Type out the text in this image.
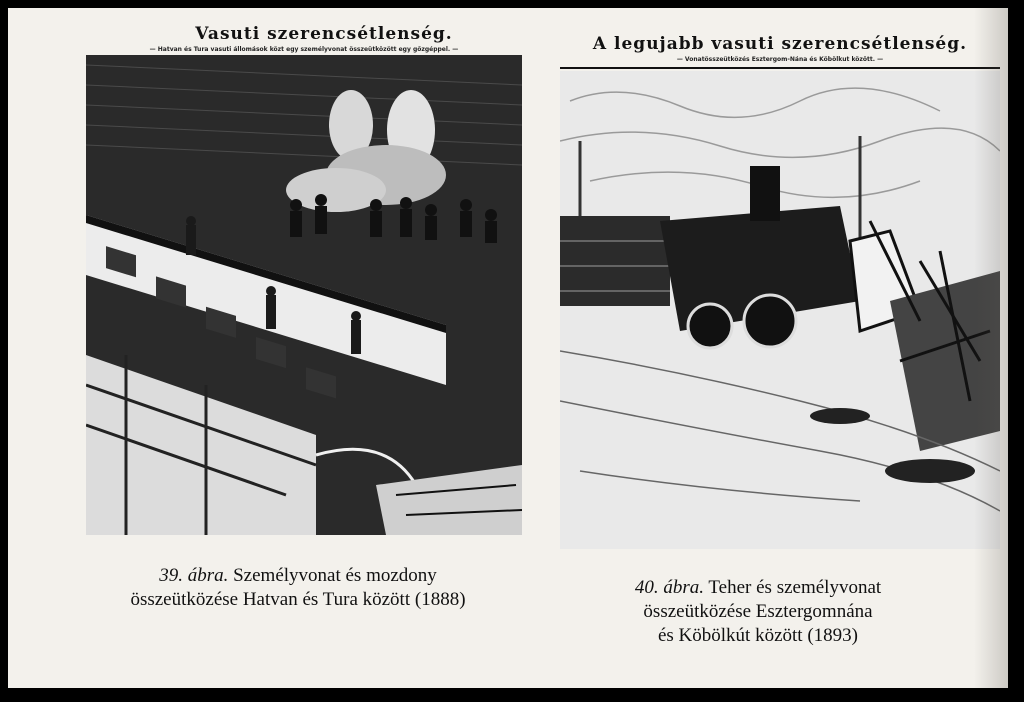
Vasuti szerencsétlenség.
— Hatvan és Tura vasuti állomások közt egy személyvonat összeütközött egy gőzgéppel. —	A legujabb vasuti szerencsétlenség.
— Vonatösszeütközés Esztergom-Nána és Köbölkut között. —
39. ábra. Személyvonat és mozdony
összeütközése Hatvan és Tura között (1888)
40. ábra. Teher és személyvonat
összeütközése Esztergomnána
és Köbölkút között (1893)
